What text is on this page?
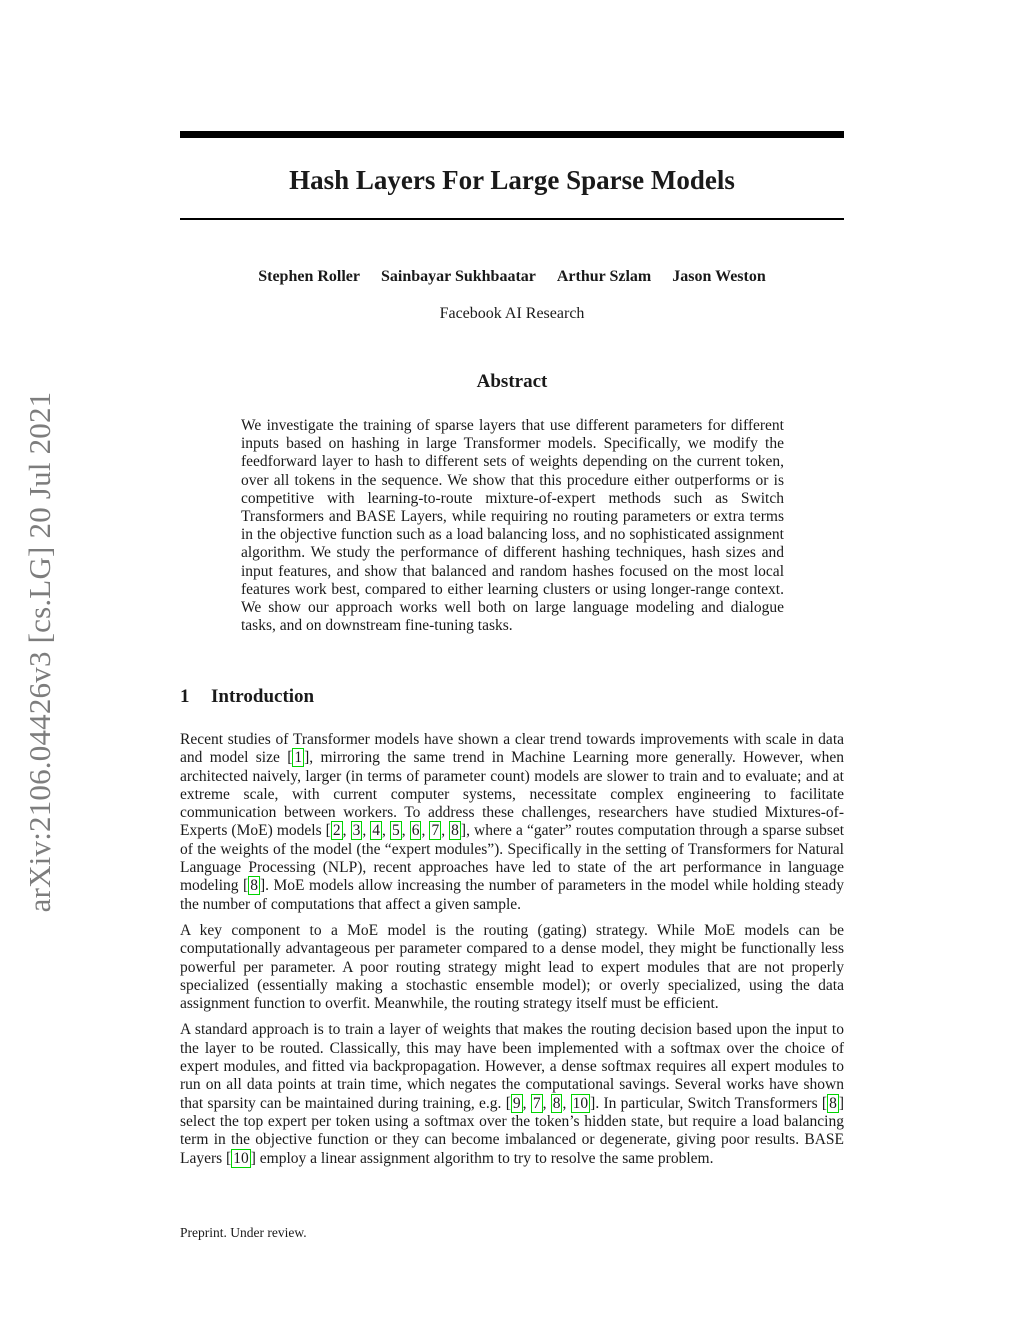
arXiv:2106.04426v3 [cs.LG] 20 Jul 2021
Hash Layers For Large Sparse Models
Stephen Roller Sainbayar Sukhbaatar Arthur Szlam Jason Weston
Facebook AI Research
Abstract
We investigate the training of sparse layers that use different parameters for different inputs based on hashing in large Transformer models. Specifically, we modify the feedforward layer to hash to different sets of weights depending on the current token, over all tokens in the sequence. We show that this procedure either outperforms or is competitive with learning-to-route mixture-of-expert methods such as Switch Transformers and BASE Layers, while requiring no routing parameters or extra terms in the objective function such as a load balancing loss, and no sophisticated assignment algorithm. We study the performance of different hashing techniques, hash sizes and input features, and show that balanced and random hashes focused on the most local features work best, compared to either learning clusters or using longer-range context. We show our approach works well both on large language modeling and dialogue tasks, and on downstream fine-tuning tasks.
1 Introduction

Recent studies of Transformer models have shown a clear trend towards improvements with scale in data and model size [ 1 ], mirroring the same trend in Machine Learning more generally. However, when architected naively, larger (in terms of parameter count) models are slower to train and to evaluate; and at extreme scale, with current computer systems, necessitate complex engineering to facilitate communication between workers. To address these challenges, researchers have studied Mixtures-of-Experts (MoE) models [ 2 , 3 , 4 , 5 , 6 , 7 , 8 ], where a “gater” routes computation through a sparse subset of the weights of the model (the “expert modules”). Specifically in the setting of Transformers for Natural Language Processing (NLP), recent approaches have led to state of the art performance in language modeling [ 8 ]. MoE models allow increasing the number of parameters in the model while holding steady the number of computations that affect a given sample.

A key component to a MoE model is the routing (gating) strategy. While MoE models can be computationally advantageous per parameter compared to a dense model, they might be functionally less powerful per parameter. A poor routing strategy might lead to expert modules that are not properly specialized (essentially making a stochastic ensemble model); or overly specialized, using the data assignment function to overfit. Meanwhile, the routing strategy itself must be efficient.

A standard approach is to train a layer of weights that makes the routing decision based upon the input to the layer to be routed. Classically, this may have been implemented with a softmax over the choice of expert modules, and fitted via backpropagation. However, a dense softmax requires all expert modules to run on all data points at train time, which negates the computational savings. Several works have shown that sparsity can be maintained during training, e.g. [ 9 , 7 , 8 , 10 ]. In particular, Switch Transformers [ 8 ] select the top expert per token using a softmax over the token’s hidden state, but require a load balancing term in the objective function or they can become imbalanced or degenerate, giving poor results. BASE Layers [ 10 ] employ a linear assignment algorithm to try to resolve the same problem.

Preprint. Under review.
